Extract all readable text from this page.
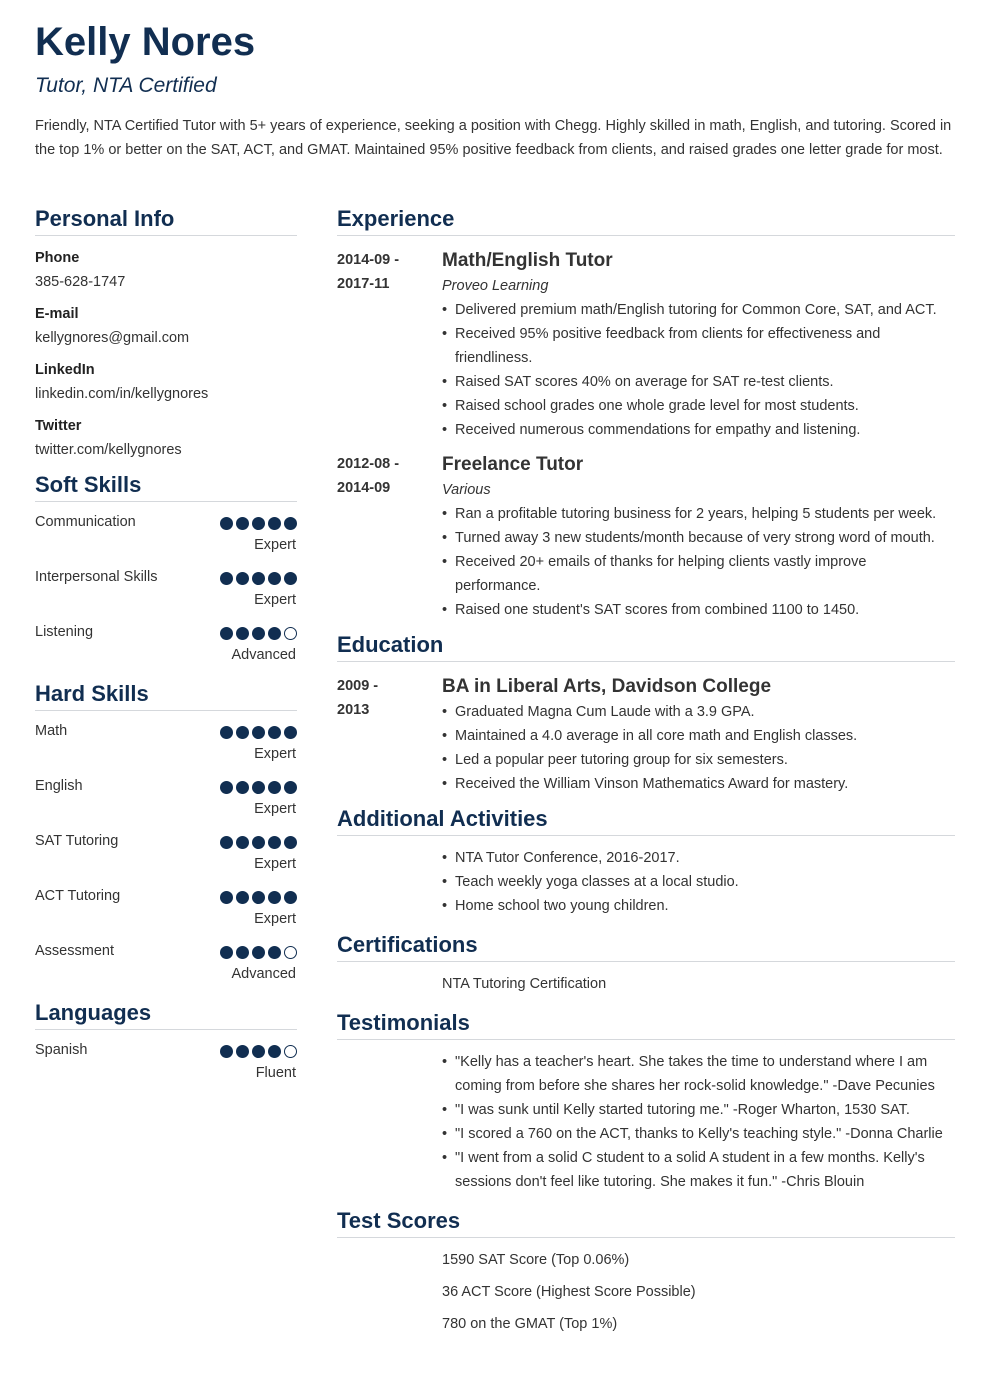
Kelly Nores
Tutor, NTA Certified
Friendly, NTA Certified Tutor with 5+ years of experience, seeking a position with Chegg. Highly skilled in math, English, and tutoring. Scored in the top 1% or better on the SAT, ACT, and GMAT. Maintained 95% positive feedback from clients, and raised grades one letter grade for most.
Personal Info
Phone
385-628-1747
E-mail
kellygnores@gmail.com
LinkedIn
linkedin.com/in/kellygnores
Twitter
twitter.com/kellygnores
Soft Skills
Communication
Expert
Interpersonal Skills
Expert
Listening
Advanced
Hard Skills
Math
Expert
English
Expert
SAT Tutoring
Expert
ACT Tutoring
Expert
Assessment
Advanced
Languages
Spanish
Fluent
Experience
2014-09 -
2017-11
Math/English Tutor
Proveo Learning
• Delivered premium math/English tutoring for Common Core, SAT, and ACT.
• Received 95% positive feedback from clients for effectiveness and friendliness.
• Raised SAT scores 40% on average for SAT re-test clients.
• Raised school grades one whole grade level for most students.
• Received numerous commendations for empathy and listening.
2012-08 -
2014-09
Freelance Tutor
Various
• Ran a profitable tutoring business for 2 years, helping 5 students per week.
• Turned away 3 new students/month because of very strong word of mouth.
• Received 20+ emails of thanks for helping clients vastly improve performance.
• Raised one student's SAT scores from combined 1100 to 1450.
Education
2009 -
2013
BA in Liberal Arts, Davidson College
• Graduated Magna Cum Laude with a 3.9 GPA.
• Maintained a 4.0 average in all core math and English classes.
• Led a popular peer tutoring group for six semesters.
• Received the William Vinson Mathematics Award for mastery.
Additional Activities
• NTA Tutor Conference, 2016-2017.
• Teach weekly yoga classes at a local studio.
• Home school two young children.
Certifications
NTA Tutoring Certification
Testimonials
• "Kelly has a teacher's heart. She takes the time to understand where I am coming from before she shares her rock-solid knowledge." -Dave Pecunies
• "I was sunk until Kelly started tutoring me." -Roger Wharton, 1530 SAT.
• "I scored a 760 on the ACT, thanks to Kelly's teaching style." -Donna Charlie
• "I went from a solid C student to a solid A student in a few months. Kelly's sessions don't feel like tutoring. She makes it fun." -Chris Blouin
Test Scores
1590 SAT Score (Top 0.06%)
36 ACT Score (Highest Score Possible)
780 on the GMAT (Top 1%)
